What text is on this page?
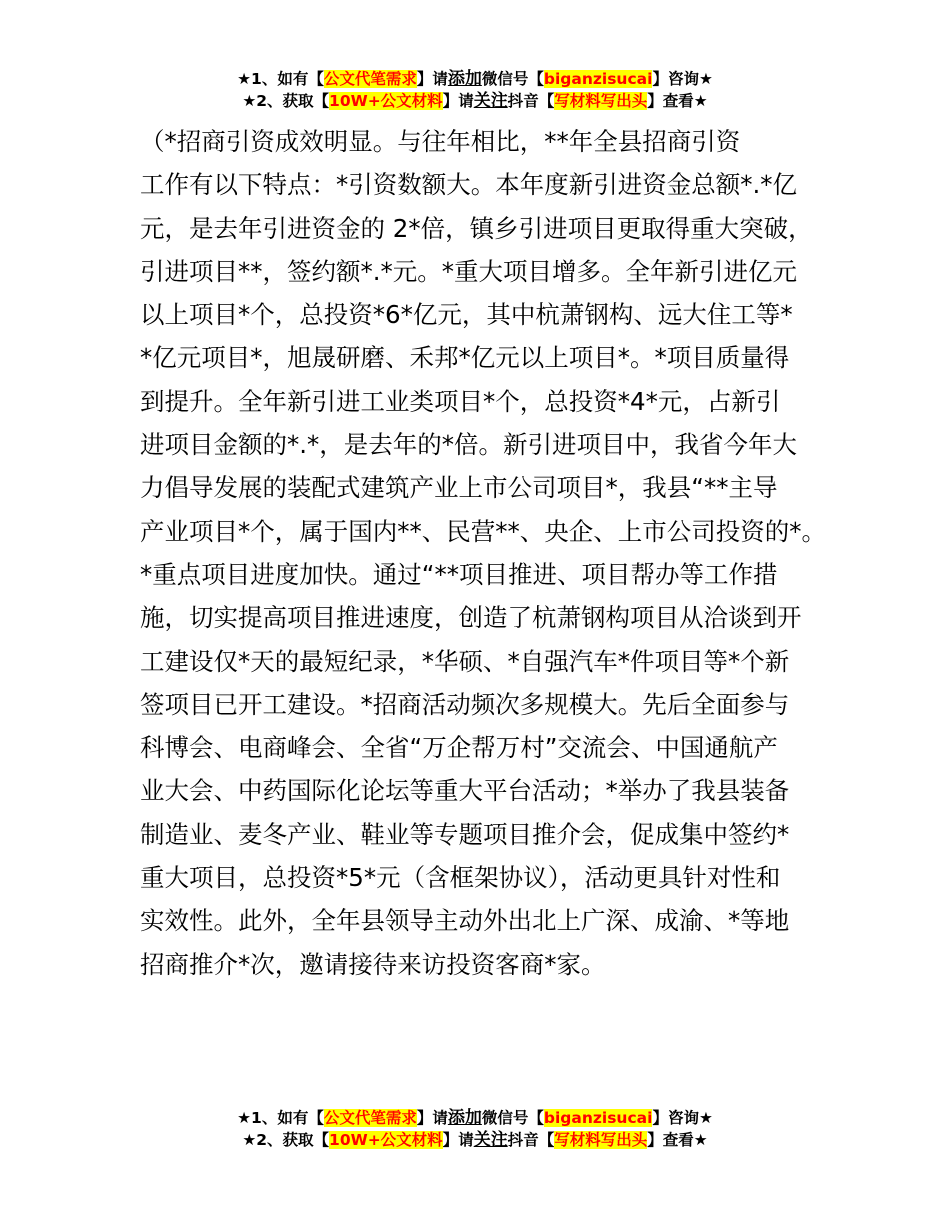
★1、如有【公文代笔需求】请添加微信号【biganzisucai】咨询★
★2、获取【10W+公文材料】请关注抖音【写材料写出头】查看★
（*招商引资成效明显。与往年相比，**年全县招商引资
工作有以下特点：*引资数额大。本年度新引进资金总额*.*亿
元，是去年引进资金的 2*倍，镇乡引进项目更取得重大突破，
引进项目**，签约额*.*元。*重大项目增多。全年新引进亿元
以上项目*个，总投资*6*亿元，其中杭萧钢构、远大住工等*
*亿元项目*，旭晟研磨、禾邦*亿元以上项目*。*项目质量得
到提升。全年新引进工业类项目*个，总投资*4*元，占新引
进项目金额的*.*，是去年的*倍。新引进项目中，我省今年大
力倡导发展的装配式建筑产业上市公司项目*，我县“**主导
产业项目*个，属于国内**、民营**、央企、上市公司投资的*。
*重点项目进度加快。通过“**项目推进、项目帮办等工作措
施，切实提高项目推进速度，创造了杭萧钢构项目从洽谈到开
工建设仅*天的最短纪录，*华硕、*自强汽车*件项目等*个新
签项目已开工建设。*招商活动频次多规模大。先后全面参与
科博会、电商峰会、全省“万企帮万村”交流会、中国通航产
业大会、中药国际化论坛等重大平台活动；*举办了我县装备
制造业、麦冬产业、鞋业等专题项目推介会，促成集中签约*
重大项目，总投资*5*元（含框架协议），活动更具针对性和
实效性。此外，全年县领导主动外出北上广深、成渝、*等地
招商推介*次，邀请接待来访投资客商*家。
★1、如有【公文代笔需求】请添加微信号【biganzisucai】咨询★
★2、获取【10W+公文材料】请关注抖音【写材料写出头】查看★
